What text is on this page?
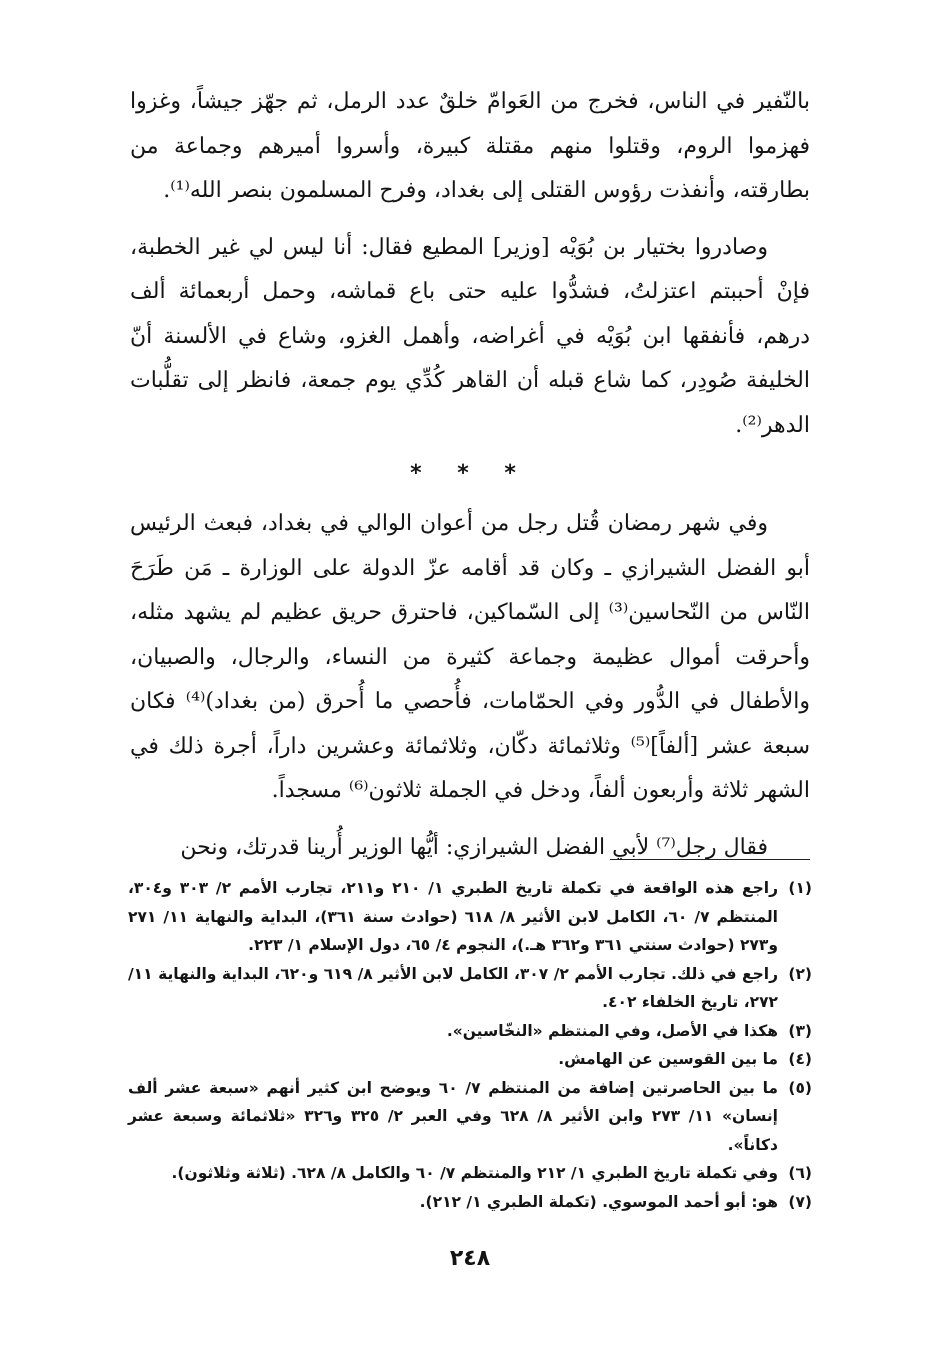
بالنّفير في الناس، فخرج من العَوامّ خلقٌ عدد الرمل، ثم جهّز جيشاً، وغزوا فهزموا الروم، وقتلوا منهم مقتلة كبيرة، وأسروا أميرهم وجماعة من بطارقته، وأنفذت رؤوس القتلى إلى بغداد، وفرح المسلمون بنصر الله⁽¹⁾.

وصادروا بختيار بن بُوَيْه [وزير] المطيع فقال: أنا ليس لي غير الخطبة، فإنْ أحببتم اعتزلتُ، فشدُّوا عليه حتى باع قماشه، وحمل أربعمائة ألف درهم، فأنفقها ابن بُوَيْه في أغراضه، وأهمل الغزو، وشاع في الألسنة أنّ الخليفة صُودِر، كما شاع قبله أن القاهر كُدِّي يوم جمعة، فانظر إلى تقلُّبات الدهر⁽²⁾.

* * *

وفي شهر رمضان قُتل رجل من أعوان الوالي في بغداد، فبعث الرئيس أبو الفضل الشيرازي ـ وكان قد أقامه عزّ الدولة على الوزارة ـ مَن طَرَحَ النّاس من النّحاسين⁽³⁾ إلى السّماكين، فاحترق حريق عظيم لم يشهد مثله، وأحرقت أموال عظيمة وجماعة كثيرة من النساء، والرجال، والصبيان، والأطفال في الدُّور وفي الحمّامات، فأُحصي ما أُحرق (من بغداد)⁽⁴⁾ فكان سبعة عشر [ألفاً]⁽⁵⁾ وثلاثمائة دكّان، وثلاثمائة وعشرين داراً، أجرة ذلك في الشهر ثلاثة وأربعون ألفاً، ودخل في الجملة ثلاثون⁽⁶⁾ مسجداً.

فقال رجل⁽⁷⁾ لأبي الفضل الشيرازي: أيُّها الوزير أُرينا قدرتك، ونحن

(١)
راجع هذه الواقعة في تكملة تاريخ الطبري ١/ ٢١٠ و٢١١، تجارب الأمم ٢/ ٣٠٣ و٣٠٤، المنتظم ٧/ ٦٠، الكامل لابن الأثير ٨/ ٦١٨ (حوادث سنة ٣٦١)، البداية والنهاية ١١/ ٢٧١ و٢٧٣ (حوادث سنتي ٣٦١ و٣٦٢ هـ.)، النجوم ٤/ ٦٥، دول الإسلام ١/ ٢٢٣.
(٢)
راجع في ذلك. تجارب الأمم ٢/ ٣٠٧، الكامل لابن الأثير ٨/ ٦١٩ و٦٢٠، البداية والنهاية ١١/ ٢٧٢، تاريخ الخلفاء ٤٠٢.
(٣)
هكذا في الأصل، وفي المنتظم «النخّاسين».
(٤)
ما بين القوسين عن الهامش.
(٥)
ما بين الحاصرتين إضافة من المنتظم ٧/ ٦٠ ويوضح ابن كثير أنهم «سبعة عشر ألف إنسان» ١١/ ٢٧٣ وابن الأثير ٨/ ٦٢٨ وفي العبر ٢/ ٣٢٥ و٣٢٦ «ثلاثمائة وسبعة عشر دكاناً».
(٦)
وفي تكملة تاريخ الطبري ١/ ٢١٢ والمنتظم ٧/ ٦٠ والكامل ٨/ ٦٢٨. (ثلاثة وثلاثون).
(٧)
هو: أبو أحمد الموسوي. (تكملة الطبري ١/ ٢١٢).
٢٤٨
